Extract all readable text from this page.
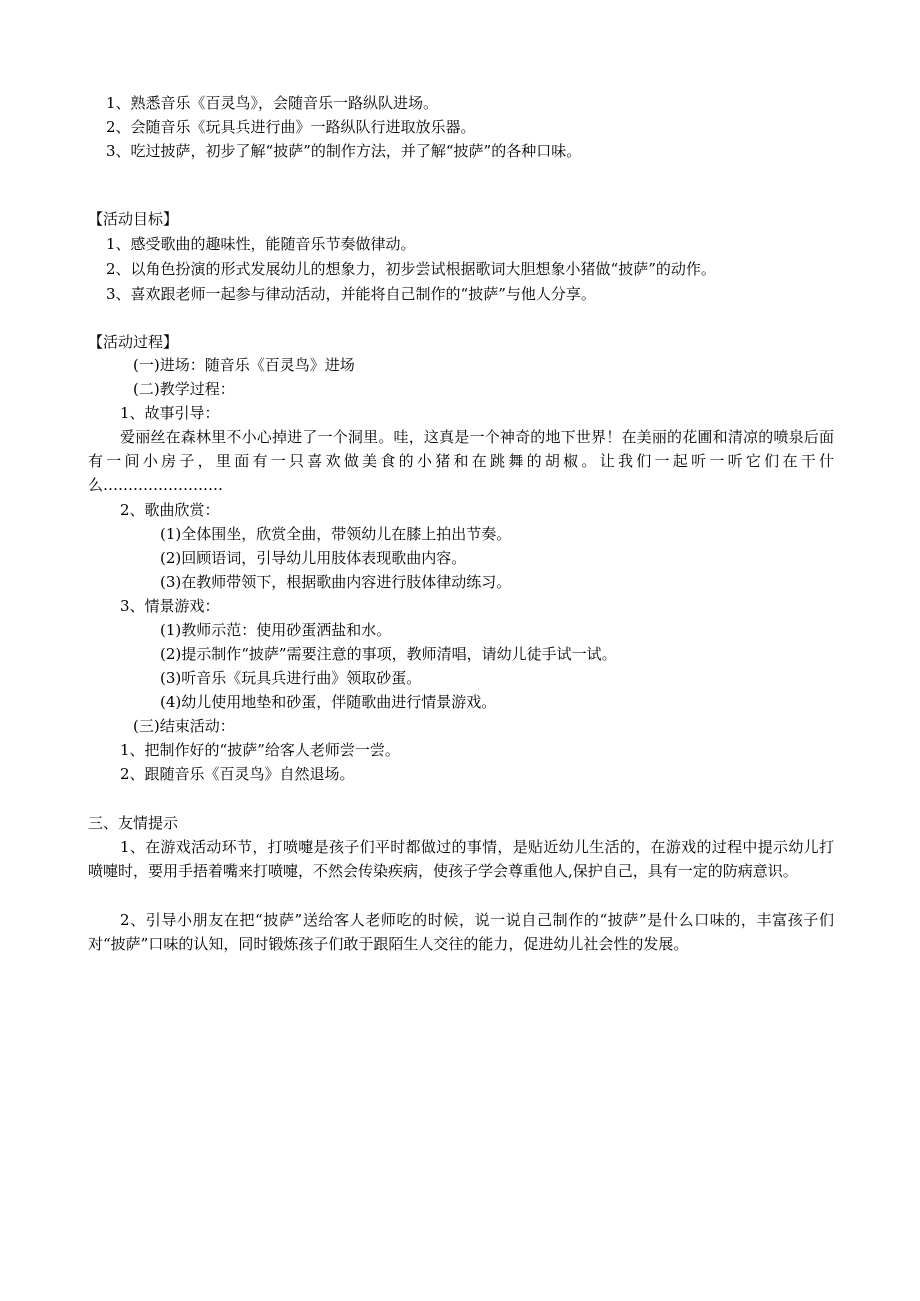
1、熟悉音乐《百灵鸟》，会随音乐一路纵队进场。

2、会随音乐《玩具兵进行曲》一路纵队行进取放乐器。

3、吃过披萨，初步了解“披萨”的制作方法，并了解“披萨”的各种口味。

【活动目标】

1、感受歌曲的趣味性，能随音乐节奏做律动。

2、以角色扮演的形式发展幼儿的想象力，初步尝试根据歌词大胆想象小猪做“披萨”的动作。

3、喜欢跟老师一起参与律动活动，并能将自己制作的“披萨”与他人分享。

【活动过程】

(一)进场：随音乐《百灵鸟》进场

(二)教学过程：

1、故事引导：

爱丽丝在森林里不小心掉进了一个洞里。哇，这真是一个神奇的地下世界！在美丽的花圃和清凉的喷泉后面有一间小房子，里面有一只喜欢做美食的小猪和在跳舞的胡椒。让我们一起听一听它们在干什么……………………

2、歌曲欣赏：

(1)全体围坐，欣赏全曲，带领幼儿在膝上拍出节奏。

(2)回顾语词，引导幼儿用肢体表现歌曲内容。

(3)在教师带领下，根据歌曲内容进行肢体律动练习。

3、情景游戏：

(1)教师示范：使用砂蛋洒盐和水。

(2)提示制作“披萨”需要注意的事项，教师清唱，请幼儿徒手试一试。

(3)听音乐《玩具兵进行曲》领取砂蛋。

(4)幼儿使用地垫和砂蛋，伴随歌曲进行情景游戏。

(三)结束活动：

1、把制作好的“披萨”给客人老师尝一尝。

2、跟随音乐《百灵鸟》自然退场。

三、友情提示

1、在游戏活动环节，打喷嚏是孩子们平时都做过的事情，是贴近幼儿生活的，在游戏的过程中提示幼儿打喷嚏时，要用手捂着嘴来打喷嚏，不然会传染疾病，使孩子学会尊重他人,保护自己，具有一定的防病意识。

2、引导小朋友在把“披萨”送给客人老师吃的时候，说一说自己制作的“披萨”是什么口味的，丰富孩子们对“披萨”口味的认知，同时锻炼孩子们敢于跟陌生人交往的能力，促进幼儿社会性的发展。
